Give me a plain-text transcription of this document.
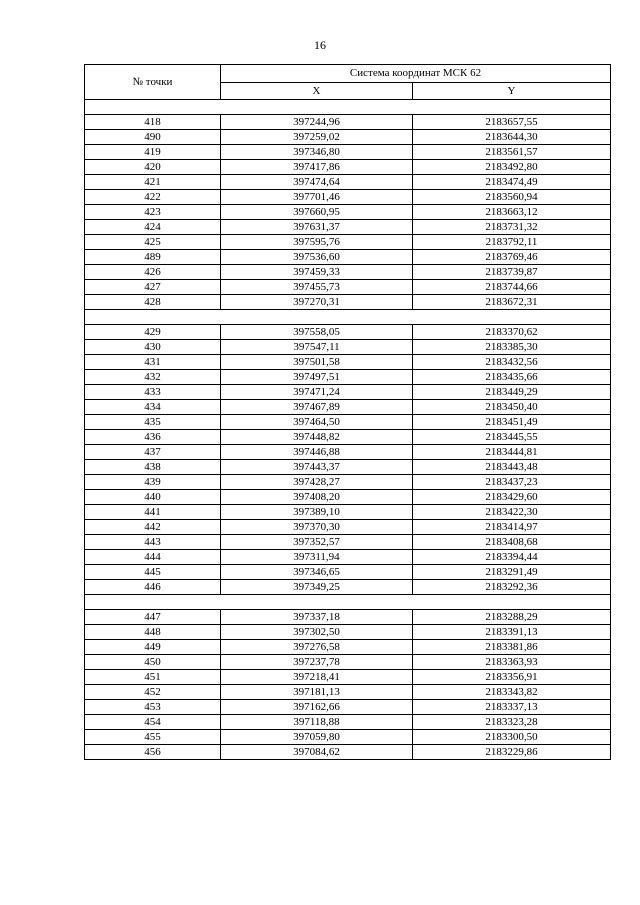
16
№ точки	Система координат МСК 62	
	X	Y

418	397244,96	2183657,55
490	397259,02	2183644,30
419	397346,80	2183561,57
420	397417,86	2183492,80
421	397474,64	2183474,49
422	397701,46	2183560,94
423	397660,95	2183663,12
424	397631,37	2183731,32
425	397595,76	2183792,11
489	397536,60	2183769,46
426	397459,33	2183739,87
427	397455,73	2183744,66
428	397270,31	2183672,31

429	397558,05	2183370,62
430	397547,11	2183385,30
431	397501,58	2183432,56
432	397497,51	2183435,66
433	397471,24	2183449,29
434	397467,89	2183450,40
435	397464,50	2183451,49
436	397448,82	2183445,55
437	397446,88	2183444,81
438	397443,37	2183443,48
439	397428,27	2183437,23
440	397408,20	2183429,60
441	397389,10	2183422,30
442	397370,30	2183414,97
443	397352,57	2183408,68
444	397311,94	2183394,44
445	397346,65	2183291,49
446	397349,25	2183292,36

447	397337,18	2183288,29
448	397302,50	2183391,13
449	397276,58	2183381,86
450	397237,78	2183363,93
451	397218,41	2183356,91
452	397181,13	2183343,82
453	397162,66	2183337,13
454	397118,88	2183323,28
455	397059,80	2183300,50
456	397084,62	2183229,86
